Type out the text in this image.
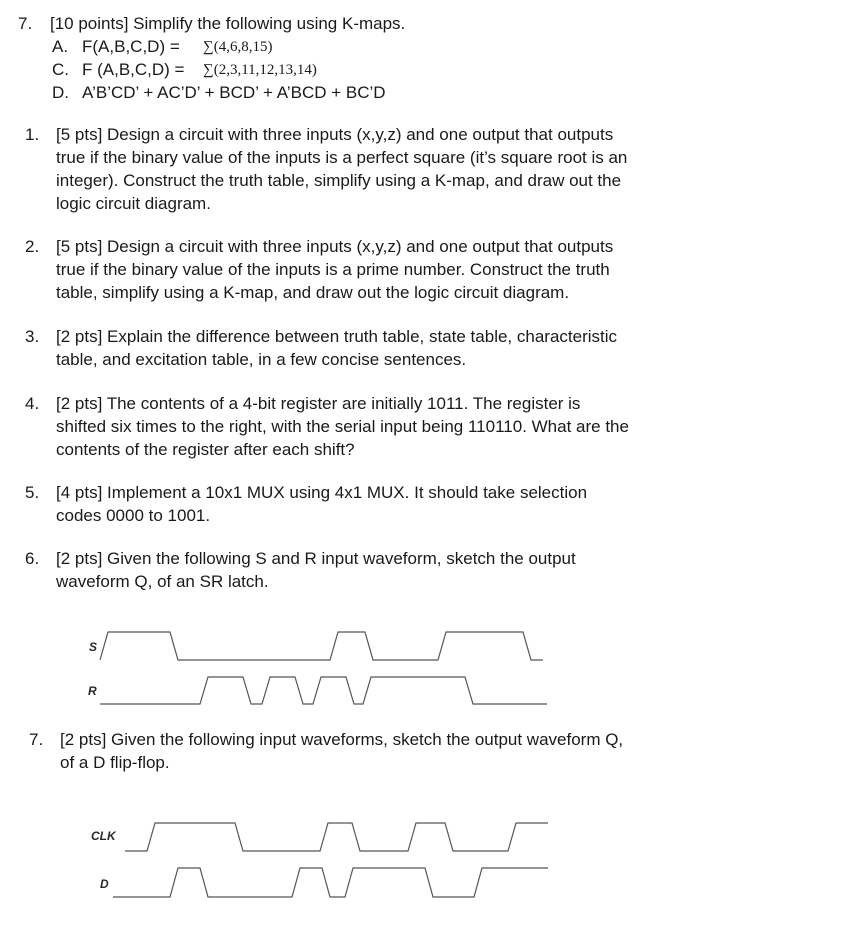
7. [10 points] Simplify the following using K-maps.
A. F(A,B,C,D) = ∑(4,6,8,15)
C. F (A,B,C,D) = ∑(2,3,11,12,13,14)
D. A’B’CD’ + AC’D’ + BCD’ + A’BCD + BC’D
1. [5 pts] Design a circuit with three inputs (x,y,z) and one output that outputs
true if the binary value of the inputs is a perfect square (it’s square root is an
integer). Construct the truth table, simplify using a K-map, and draw out the
logic circuit diagram.
2. [5 pts] Design a circuit with three inputs (x,y,z) and one output that outputs
true if the binary value of the inputs is a prime number. Construct the truth
table, simplify using a K-map, and draw out the logic circuit diagram.
3. [2 pts] Explain the difference between truth table, state table, characteristic
table, and excitation table, in a few concise sentences.
4. [2 pts] The contents of a 4-bit register are initially 1011. The register is
shifted six times to the right, with the serial input being 110110. What are the
contents of the register after each shift?
5. [4 pts] Implement a 10x1 MUX using 4x1 MUX. It should take selection
codes 0000 to 1001.
6. [2 pts] Given the following S and R input waveform, sketch the output
waveform Q, of an SR latch.
S
R
7. [2 pts] Given the following input waveforms, sketch the output waveform Q,
of a D flip-flop.
CLK
D
